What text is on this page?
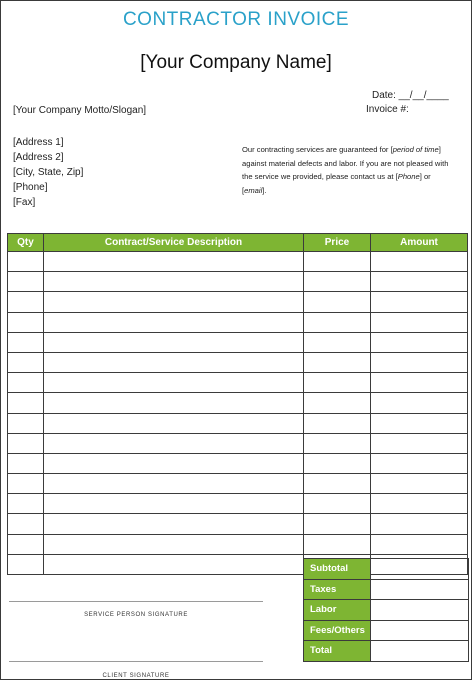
CONTRACTOR INVOICE
[Your Company Name]
Date: __/__/____
Invoice #:
[Your Company Motto/Slogan]
[Address 1]
[Address 2]
[City, State, Zip]
[Phone]
[Fax]
Our contracting services are guaranteed for [period of time] against material defects and labor. If you are not pleased with the service we provided, please contact us at [Phone] or [email].
Qty	Contract/Service Description	Price	Amount

Subtotal	
Taxes	
Labor	
Fees/Others	
Total	
SERVICE PERSON SIGNATURE
CLIENT SIGNATURE
